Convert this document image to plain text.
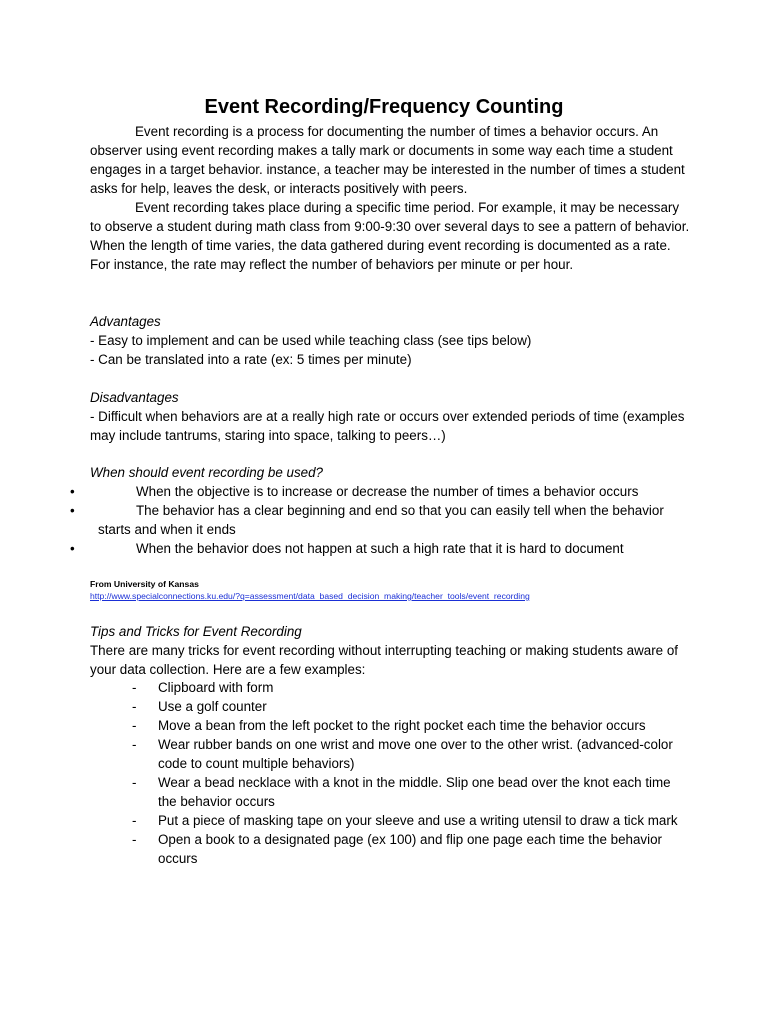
Event Recording/Frequency Counting

Event recording is a process for documenting the number of times a behavior occurs. An observer using event recording makes a tally mark or documents in some way each time a student engages in a target behavior. instance, a teacher may be interested in the number of times a student asks for help, leaves the desk, or interacts positively with peers.

Event recording takes place during a specific time period. For example, it may be necessary to observe a student during math class from 9:00-9:30 over several days to see a pattern of behavior. When the length of time varies, the data gathered during event recording is documented as a rate. For instance, the rate may reflect the number of behaviors per minute or per hour.

Advantages

- Easy to implement and can be used while teaching class (see tips below)

- Can be translated into a rate (ex: 5 times per minute)

Disadvantages

- Difficult when behaviors are at a really high rate or occurs over extended periods of time (examples may include tantrums, staring into space, talking to peers…)

When should event recording be used?

•	When the objective is to increase or decrease the number of times a behavior occurs
•	The behavior has a clear beginning and end so that you can easily tell when the behavior starts and when it ends
•	When the behavior does not happen at such a high rate that it is hard to document
From University of Kansas
http://www.specialconnections.ku.edu/?q=assessment/data_based_decision_making/teacher_tools/event_recording

Tips and Tricks for Event Recording

There are many tricks for event recording without interrupting teaching or making students aware of your data collection. Here are a few examples:

- Clipboard with form
- Use a golf counter
- Move a bean from the left pocket to the right pocket each time the behavior occurs
- Wear rubber bands on one wrist and move one over to the other wrist. (advanced-color code to count multiple behaviors)
- Wear a bead necklace with a knot in the middle. Slip one bead over the knot each time the behavior occurs
- Put a piece of masking tape on your sleeve and use a writing utensil to draw a tick mark
- Open a book to a designated page (ex 100) and flip one page each time the behavior occurs
